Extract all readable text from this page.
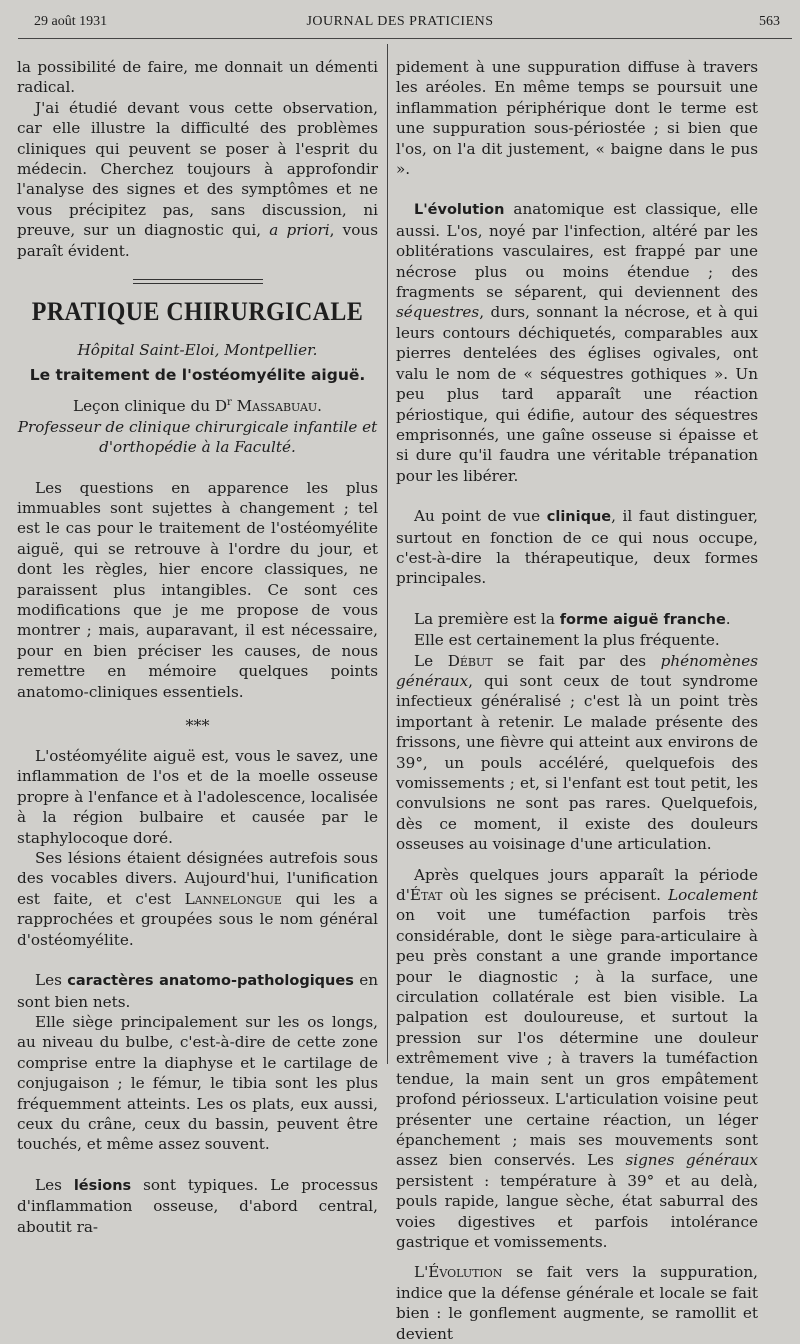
29 août 1931	JOURNAL DES PRATICIENS	563

la possibilité de faire, me donnait un démenti radical.

J'ai étudié devant vous cette observation, car elle illustre la difficulté des problèmes cliniques qui peuvent se poser à l'esprit du médecin. Cherchez toujours à approfondir l'analyse des signes et des symptômes et ne vous précipitez pas, sans discussion, ni preuve, sur un diagnostic qui, a priori, vous paraît évident.

PRATIQUE CHIRURGICALE
Hôpital Saint-Eloi, Montpellier.
Le traitement de l'ostéomyélite aiguë.
Leçon clinique du $D^r$ Massabuau.
Professeur de clinique chirurgicale infantile et d'orthopédie à la Faculté.

Les questions en apparence les plus immuables sont sujettes à changement ; tel est le cas pour le traitement de l'ostéomyélite aiguë, qui se retrouve à l'ordre du jour, et dont les règles, hier encore classiques, ne paraissent plus intangibles. Ce sont ces modifications que je me propose de vous montrer ; mais, auparavant, il est nécessaire, pour en bien préciser les causes, de nous remettre en mémoire quelques points anatomo-cliniques essentiels.

***

L'ostéomyélite aiguë est, vous le savez, une inflammation de l'os et de la moelle osseuse propre à l'enfance et à l'adolescence, localisée à la région bulbaire et causée par le staphylocoque doré.

Ses lésions étaient désignées autrefois sous des vocables divers. Aujourd'hui, l'unification est faite, et c'est Lannelongue qui les a rapprochées et groupées sous le nom général d'ostéomyélite.

Les caractères anatomo-pathologiques en sont bien nets.

Elle siège principalement sur les os longs, au niveau du bulbe, c'est-à-dire de cette zone comprise entre la diaphyse et le cartilage de conjugaison ; le fémur, le tibia sont les plus fréquemment atteints. Les os plats, eux aussi, ceux du crâne, ceux du bassin, peuvent être touchés, et même assez souvent.

Les lésions sont typiques. Le processus d'inflammation osseuse, d'abord central, aboutit ra-

pidement à une suppuration diffuse à travers les aréoles. En même temps se poursuit une inflammation périphérique dont le terme est une suppuration sous-périostée ; si bien que l'os, on l'a dit justement, « baigne dans le pus ».

L'évolution anatomique est classique, elle aussi. L'os, noyé par l'infection, altéré par les oblitérations vasculaires, est frappé par une nécrose plus ou moins étendue ; des fragments se séparent, qui deviennent des séquestres, durs, sonnant la nécrose, et à qui leurs contours déchiquetés, comparables aux pierres dentelées des églises ogivales, ont valu le nom de « séquestres gothiques ». Un peu plus tard apparaît une réaction périostique, qui édifie, autour des séquestres emprisonnés, une gaîne osseuse si épaisse et si dure qu'il faudra une véritable trépanation pour les libérer.

Au point de vue clinique, il faut distinguer, surtout en fonction de ce qui nous occupe, c'est-à-dire la thérapeutique, deux formes principales.

La première est la forme aiguë franche.

Elle est certainement la plus fréquente.

Le Début se fait par des phénomènes généraux, qui sont ceux de tout syndrome infectieux généralisé ; c'est là un point très important à retenir. Le malade présente des frissons, une fièvre qui atteint aux environs de 39°, un pouls accéléré, quelquefois des vomissements ; et, si l'enfant est tout petit, les convulsions ne sont pas rares. Quelquefois, dès ce moment, il existe des douleurs osseuses au voisinage d'une articulation.

Après quelques jours apparaît la période d'État où les signes se précisent. Localement on voit une tuméfaction parfois très considérable, dont le siège para-articulaire à peu près constant a une grande importance pour le diagnostic ; à la surface, une circulation collatérale est bien visible. La palpation est douloureuse, et surtout la pression sur l'os détermine une douleur extrêmement vive ; à travers la tuméfaction tendue, la main sent un gros empâtement profond périosseux. L'articulation voisine peut présenter une certaine réaction, un léger épanchement ; mais ses mouvements sont assez bien conservés. Les signes généraux persistent : température à 39° et au delà, pouls rapide, langue sèche, état saburral des voies digestives et parfois intolérance gastrique et vomissements.

L'Évolution se fait vers la suppuration, indice que la défense générale et locale se fait bien : le gonflement augmente, se ramollit et devient
